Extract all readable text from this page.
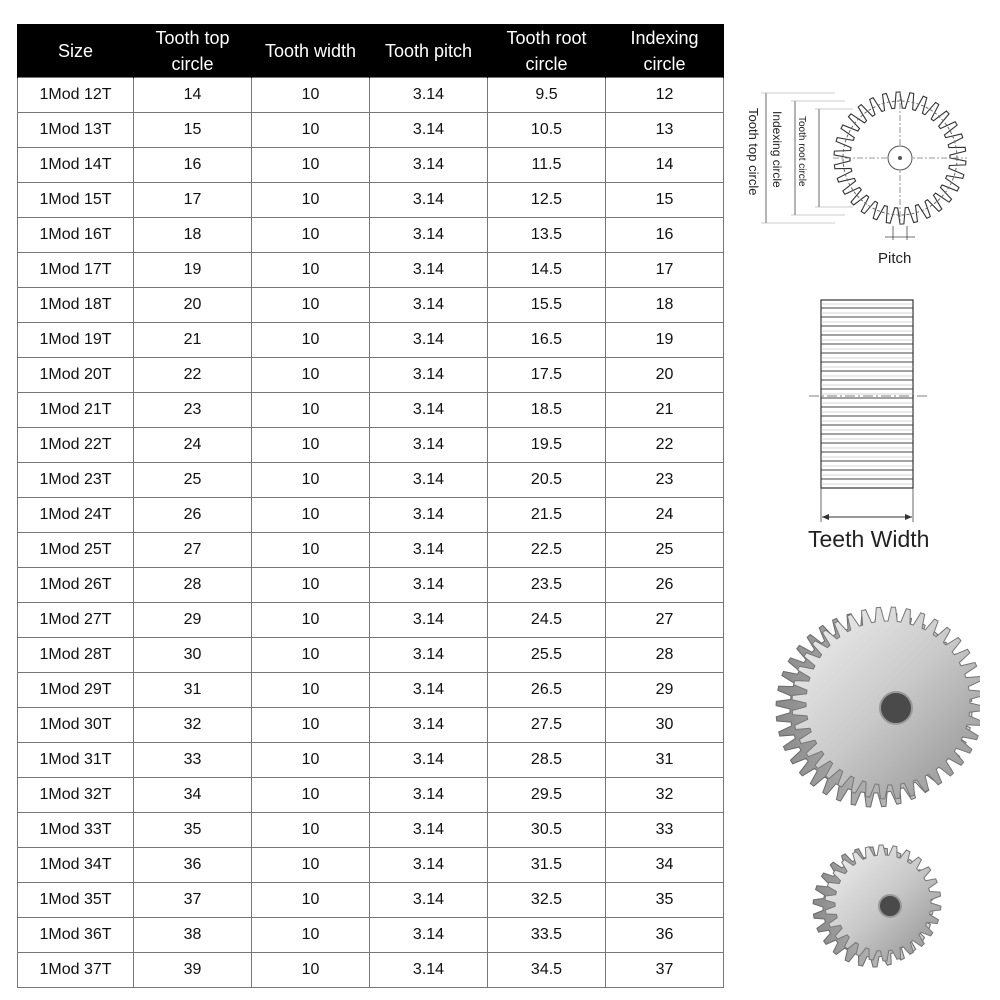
Size	Tooth top circle	Tooth width	Tooth pitch	Tooth root circle	Indexing circle
1Mod 12T	14	10	3.14	9.5	12
1Mod 13T	15	10	3.14	10.5	13
1Mod 14T	16	10	3.14	11.5	14
1Mod 15T	17	10	3.14	12.5	15
1Mod 16T	18	10	3.14	13.5	16
1Mod 17T	19	10	3.14	14.5	17
1Mod 18T	20	10	3.14	15.5	18
1Mod 19T	21	10	3.14	16.5	19
1Mod 20T	22	10	3.14	17.5	20
1Mod 21T	23	10	3.14	18.5	21
1Mod 22T	24	10	3.14	19.5	22
1Mod 23T	25	10	3.14	20.5	23
1Mod 24T	26	10	3.14	21.5	24
1Mod 25T	27	10	3.14	22.5	25
1Mod 26T	28	10	3.14	23.5	26
1Mod 27T	29	10	3.14	24.5	27
1Mod 28T	30	10	3.14	25.5	28
1Mod 29T	31	10	3.14	26.5	29
1Mod 30T	32	10	3.14	27.5	30
1Mod 31T	33	10	3.14	28.5	31
1Mod 32T	34	10	3.14	29.5	32
1Mod 33T	35	10	3.14	30.5	33
1Mod 34T	36	10	3.14	31.5	34
1Mod 35T	37	10	3.14	32.5	35
1Mod 36T	38	10	3.14	33.5	36
1Mod 37T	39	10	3.14	34.5	37
Tooth top circle Indexing circle Tooth root circle
Pitch
Teeth Width
